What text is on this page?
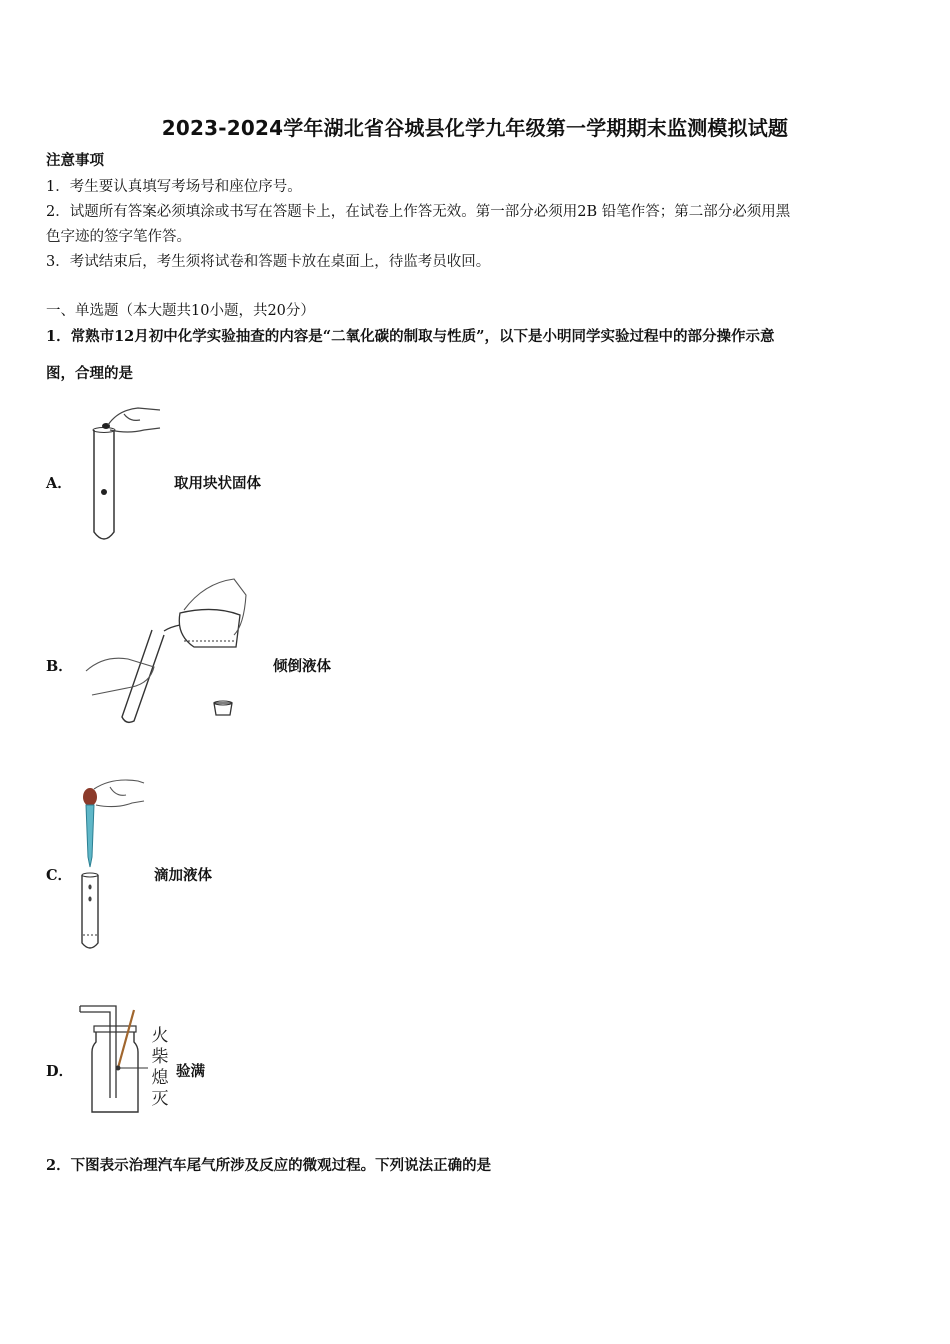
2023-2024学年湖北省谷城县化学九年级第一学期期末监测模拟试题
注意事项
1．考生要认真填写考场号和座位序号。
2．试题所有答案必须填涂或书写在答题卡上，在试卷上作答无效。第一部分必须用2B 铅笔作答；第二部分必须用黑
色字迹的签字笔作答。
3．考试结束后，考生须将试卷和答题卡放在桌面上，待监考员收回。
一、单选题（本大题共10小题，共20分）
1．常熟市12月初中化学实验抽查的内容是“二氧化碳的制取与性质”，以下是小明同学实验过程中的部分操作示意
图，合理的是
A．	取用块状固体
B．	倾倒液体
C．	滴加液体
D．
火
柴
熄
灭
验满
2．下图表示治理汽车尾气所涉及反应的微观过程。下列说法正确的是
